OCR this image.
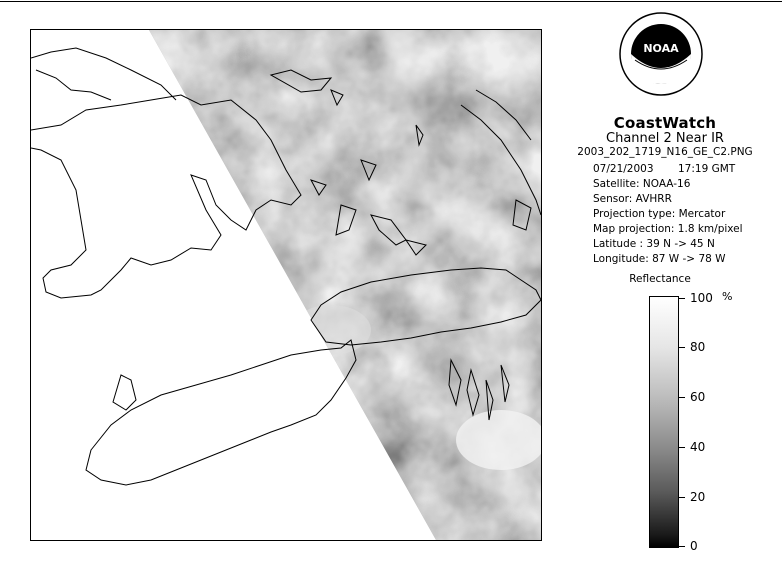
NOAA
CoastWatch
Channel 2 Near IR
2003_202_1719_N16_GE_C2.PNG
07/21/2003 17:19 GMT
Satellite: NOAA-16
Sensor: AVHRR
Projection type: Mercator
Map projection: 1.8 km/pixel
Latitude : 39 N -> 45 N
Longitude: 87 W -> 78 W
Reflectance
%
100
80
60
40
20
0
